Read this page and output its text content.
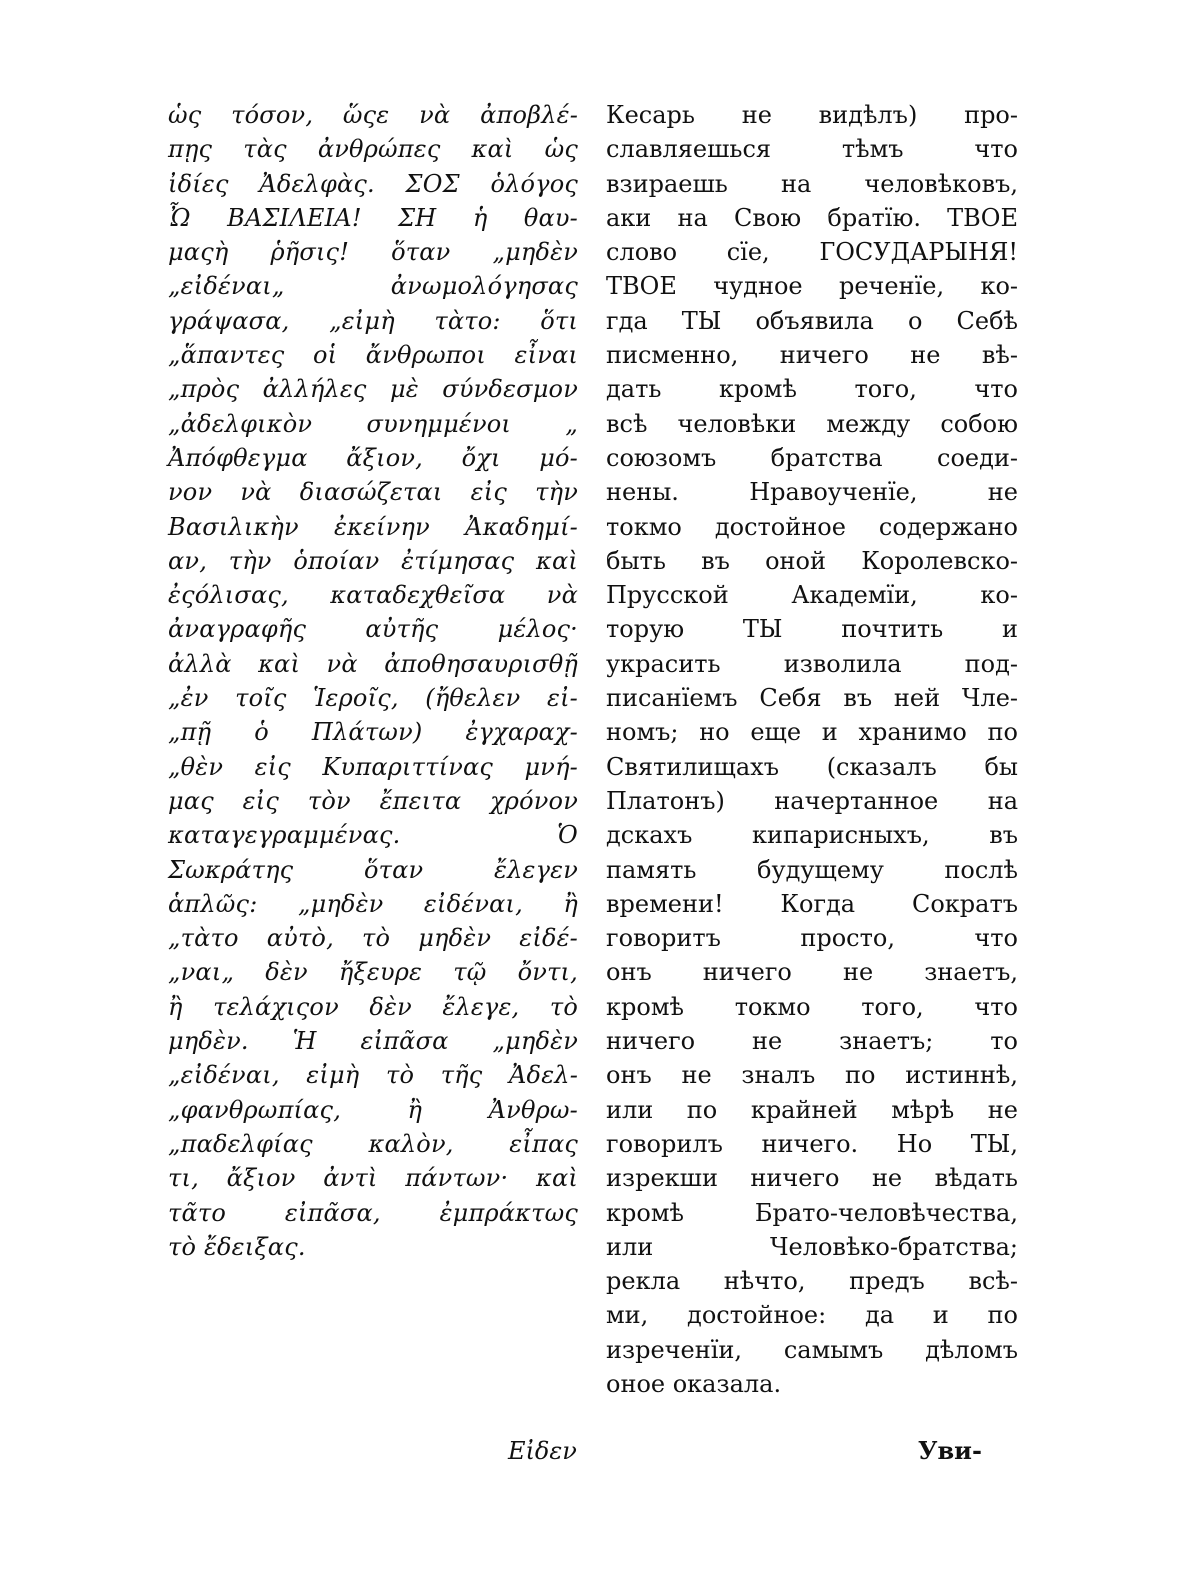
ὡς τόσον, ὥςε νὰ ἀποβλέ-
πῃς τὰς ἀνθρώπες καὶ ὡς
ἰδίες Ἀδελφὰς. ΣΟΣ ὁλόγος
Ὦ ΒΑΣΙΛΕΙΑ! ΣΗ ἡ θαυ-
μαςὴ ῥῆσις! ὅταν „μηδὲν
„εἰδέναι„ ἀνωμολόγησας
γράψασα, „εἰμὴ τὰτο: ὅτι
„ἅπαντες οἱ ἄνθρωποι εἶναι
„πρὸς ἀλλήλες μὲ σύνδεσμον
„ἀδελφικὸν συνημμένοι „
Ἀπόφθεγμα ἄξιον, ὄχι μό-
νον νὰ διασώζεται εἰς τὴν
Βασιλικὴν ἐκείνην Ἀκαδημί-
αν, τὴν ὁποίαν ἐτίμησας καὶ
ἐςόλισας, καταδεχθεῖσα νὰ
ἀναγραφῆς αὐτῆς μέλος·
ἀλλὰ καὶ νὰ ἀποθησαυρισθῇ
„ἐν τοῖς Ἱεροῖς, (ἤθελεν εἰ-
„πῇ ὁ Πλάτων) ἐγχαραχ-
„θὲν εἰς Κυπαριττίνας μνή-
μας εἰς τὸν ἔπειτα χρόνον
καταγεγραμμένας. Ὁ
Σωκράτης ὅταν ἔλεγεν
ἁπλῶς: „μηδὲν εἰδέναι, ἢ
„τὰτο αὐτὸ, τὸ μηδὲν εἰδέ-
„ναι„ δὲν ἤξευρε τῷ ὄντι,
ἢ τελάχιςον δὲν ἔλεγε, τὸ
μηδὲν. Ἡ εἰπᾶσα „μηδὲν
„εἰδέναι, εἰμὴ τὸ τῆς Ἀδελ-
„φανθρωπίας, ἢ Ἀνθρω-
„παδελφίας καλὸν, εἶπας
τι, ἄξιον ἀντὶ πάντων· καὶ
τᾶτο εἰπᾶσα, ἐμπράκτως
τὸ ἔδειξας.
Кесарь не видѣлъ) про-
славляешься тѣмъ что
взираешь на человѣковъ,
аки на Свою братїю. ТВОЕ
слово сїе, ГОСУДАРЫНЯ!
ТВОЕ чудное реченїе, ко-
гда ТЫ объявила о Себѣ
писменно, ничего не вѣ-
дать кромѣ того, что
всѣ человѣки между собою
союзомъ братства соеди-
нены. Нравоученїе, не
токмо достойное содержано
быть въ оной Королевско-
Прусской Академїи, ко-
торую ТЫ почтить и
украсить изволила под-
писанїемъ Себя въ ней Чле-
номъ; но еще и хранимо по
Святилищахъ (сказалъ бы
Платонъ) начертанное на
дскахъ кипарисныхъ, въ
память будущему послѣ
времени! Когда Сократъ
говоритъ просто, что
онъ ничего не знаетъ,
кромѣ токмо того, что
ничего не знаетъ; то
онъ не зналъ по истиннѣ,
или по крайней мѣрѣ не
говорилъ ничего. Но ТЫ,
изрекши ничего не вѣдать
кромѣ Брато-человѣчества,
или Человѣко-братства;
рекла нѣчто, предъ всѣ-
ми, достойное: да и по
изреченїи, самымъ дѣломъ
оное оказала.
Εἰδεν	Уви-
